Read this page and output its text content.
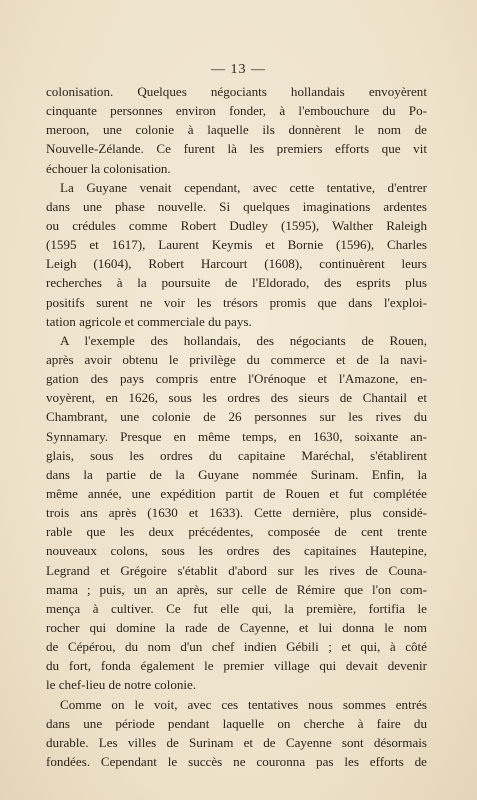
— 13 —

colonisation. Quelques négociants hollandais envoyèrent
cinquante personnes environ fonder, à l'embouchure du Po-
meroon, une colonie à laquelle ils donnèrent le nom de
Nouvelle-Zélande. Ce furent là les premiers efforts que vit
échouer la colonisation.

La Guyane venait cependant, avec cette tentative, d'entrer
dans une phase nouvelle. Si quelques imaginations ardentes
ou crédules comme Robert Dudley (1595), Walther Raleigh
(1595 et 1617), Laurent Keymis et Bornie (1596), Charles
Leigh (1604), Robert Harcourt (1608), continuèrent leurs
recherches à la poursuite de l'Eldorado, des esprits plus
positifs surent ne voir les trésors promis que dans l'exploi-
tation agricole et commerciale du pays.

A l'exemple des hollandais, des négociants de Rouen,
après avoir obtenu le privilège du commerce et de la navi-
gation des pays compris entre l'Orénoque et l'Amazone, en-
voyèrent, en 1626, sous les ordres des sieurs de Chantail et
Chambrant, une colonie de 26 personnes sur les rives du
Synnamary. Presque en même temps, en 1630, soixante an-
glais, sous les ordres du capitaine Maréchal, s'établirent
dans la partie de la Guyane nommée Surinam. Enfin, la
même année, une expédition partit de Rouen et fut complétée
trois ans après (1630 et 1633). Cette dernière, plus considé-
rable que les deux précédentes, composée de cent trente
nouveaux colons, sous les ordres des capitaines Hautepine,
Legrand et Grégoire s'établit d'abord sur les rives de Couna-
mama ; puis, un an après, sur celle de Rémire que l'on com-
mença à cultiver. Ce fut elle qui, la première, fortifia le
rocher qui domine la rade de Cayenne, et lui donna le nom
de Cépérou, du nom d'un chef indien Gébili ; et qui, à côté
du fort, fonda également le premier village qui devait devenir
le chef-lieu de notre colonie.

Comme on le voit, avec ces tentatives nous sommes entrés
dans une période pendant laquelle on cherche à faire du
durable. Les villes de Surinam et de Cayenne sont désormais
fondées. Cependant le succès ne couronna pas les efforts de
